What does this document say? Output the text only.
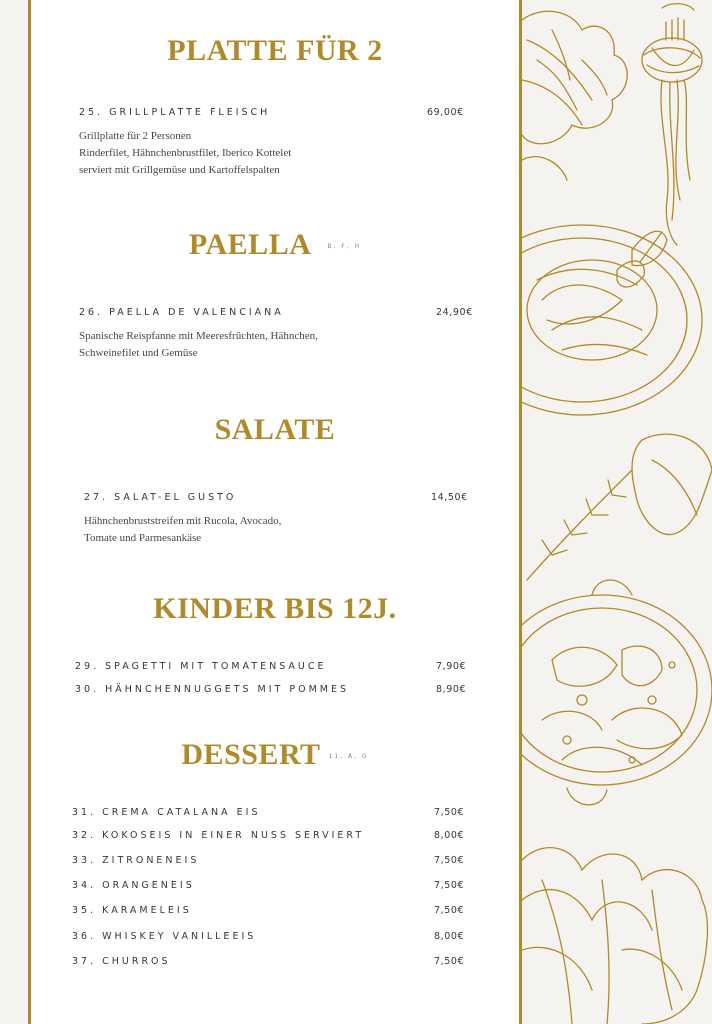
PLATTE FÜR 2
25. GRILLPLATTE FLEISCH	69,00€
Grillplatte für 2 Personen
Rinderfilet, Hähnchenbrustfilet, Iberico Kottelet
serviert mit Grillgemüse und Kartoffelspalten
PAELLA	$^{B, F, H}$
26. PAELLA DE VALENCIANA	24,90€
Spanische Reispfanne mit Meeresfrüchten, Hähnchen,
Schweinefilet und Gemüse
SALATE
27. SALAT-EL GUSTO	14,50€
Hähnchenbruststreifen mit Rucola, Avocado,
Tomate und Parmesankäse
KINDER BIS 12J.
29. SPAGETTI MIT TOMATENSAUCE	7,90€
30. HÄHNCHENNUGGETS MIT POMMES	8,90€
DESSERT $^{11, A, G}$
31. CREMA CATALANA EIS	7,50€
32. KOKOSEIS IN EINER NUSS SERVIERT	8,00€
33. ZITRONENEIS	7,50€
34. ORANGENEIS	7,50€
35. KARAMELEIS	7,50€
36. WHISKEY VANILLEEIS	8,00€
37. CHURROS	7,50€
